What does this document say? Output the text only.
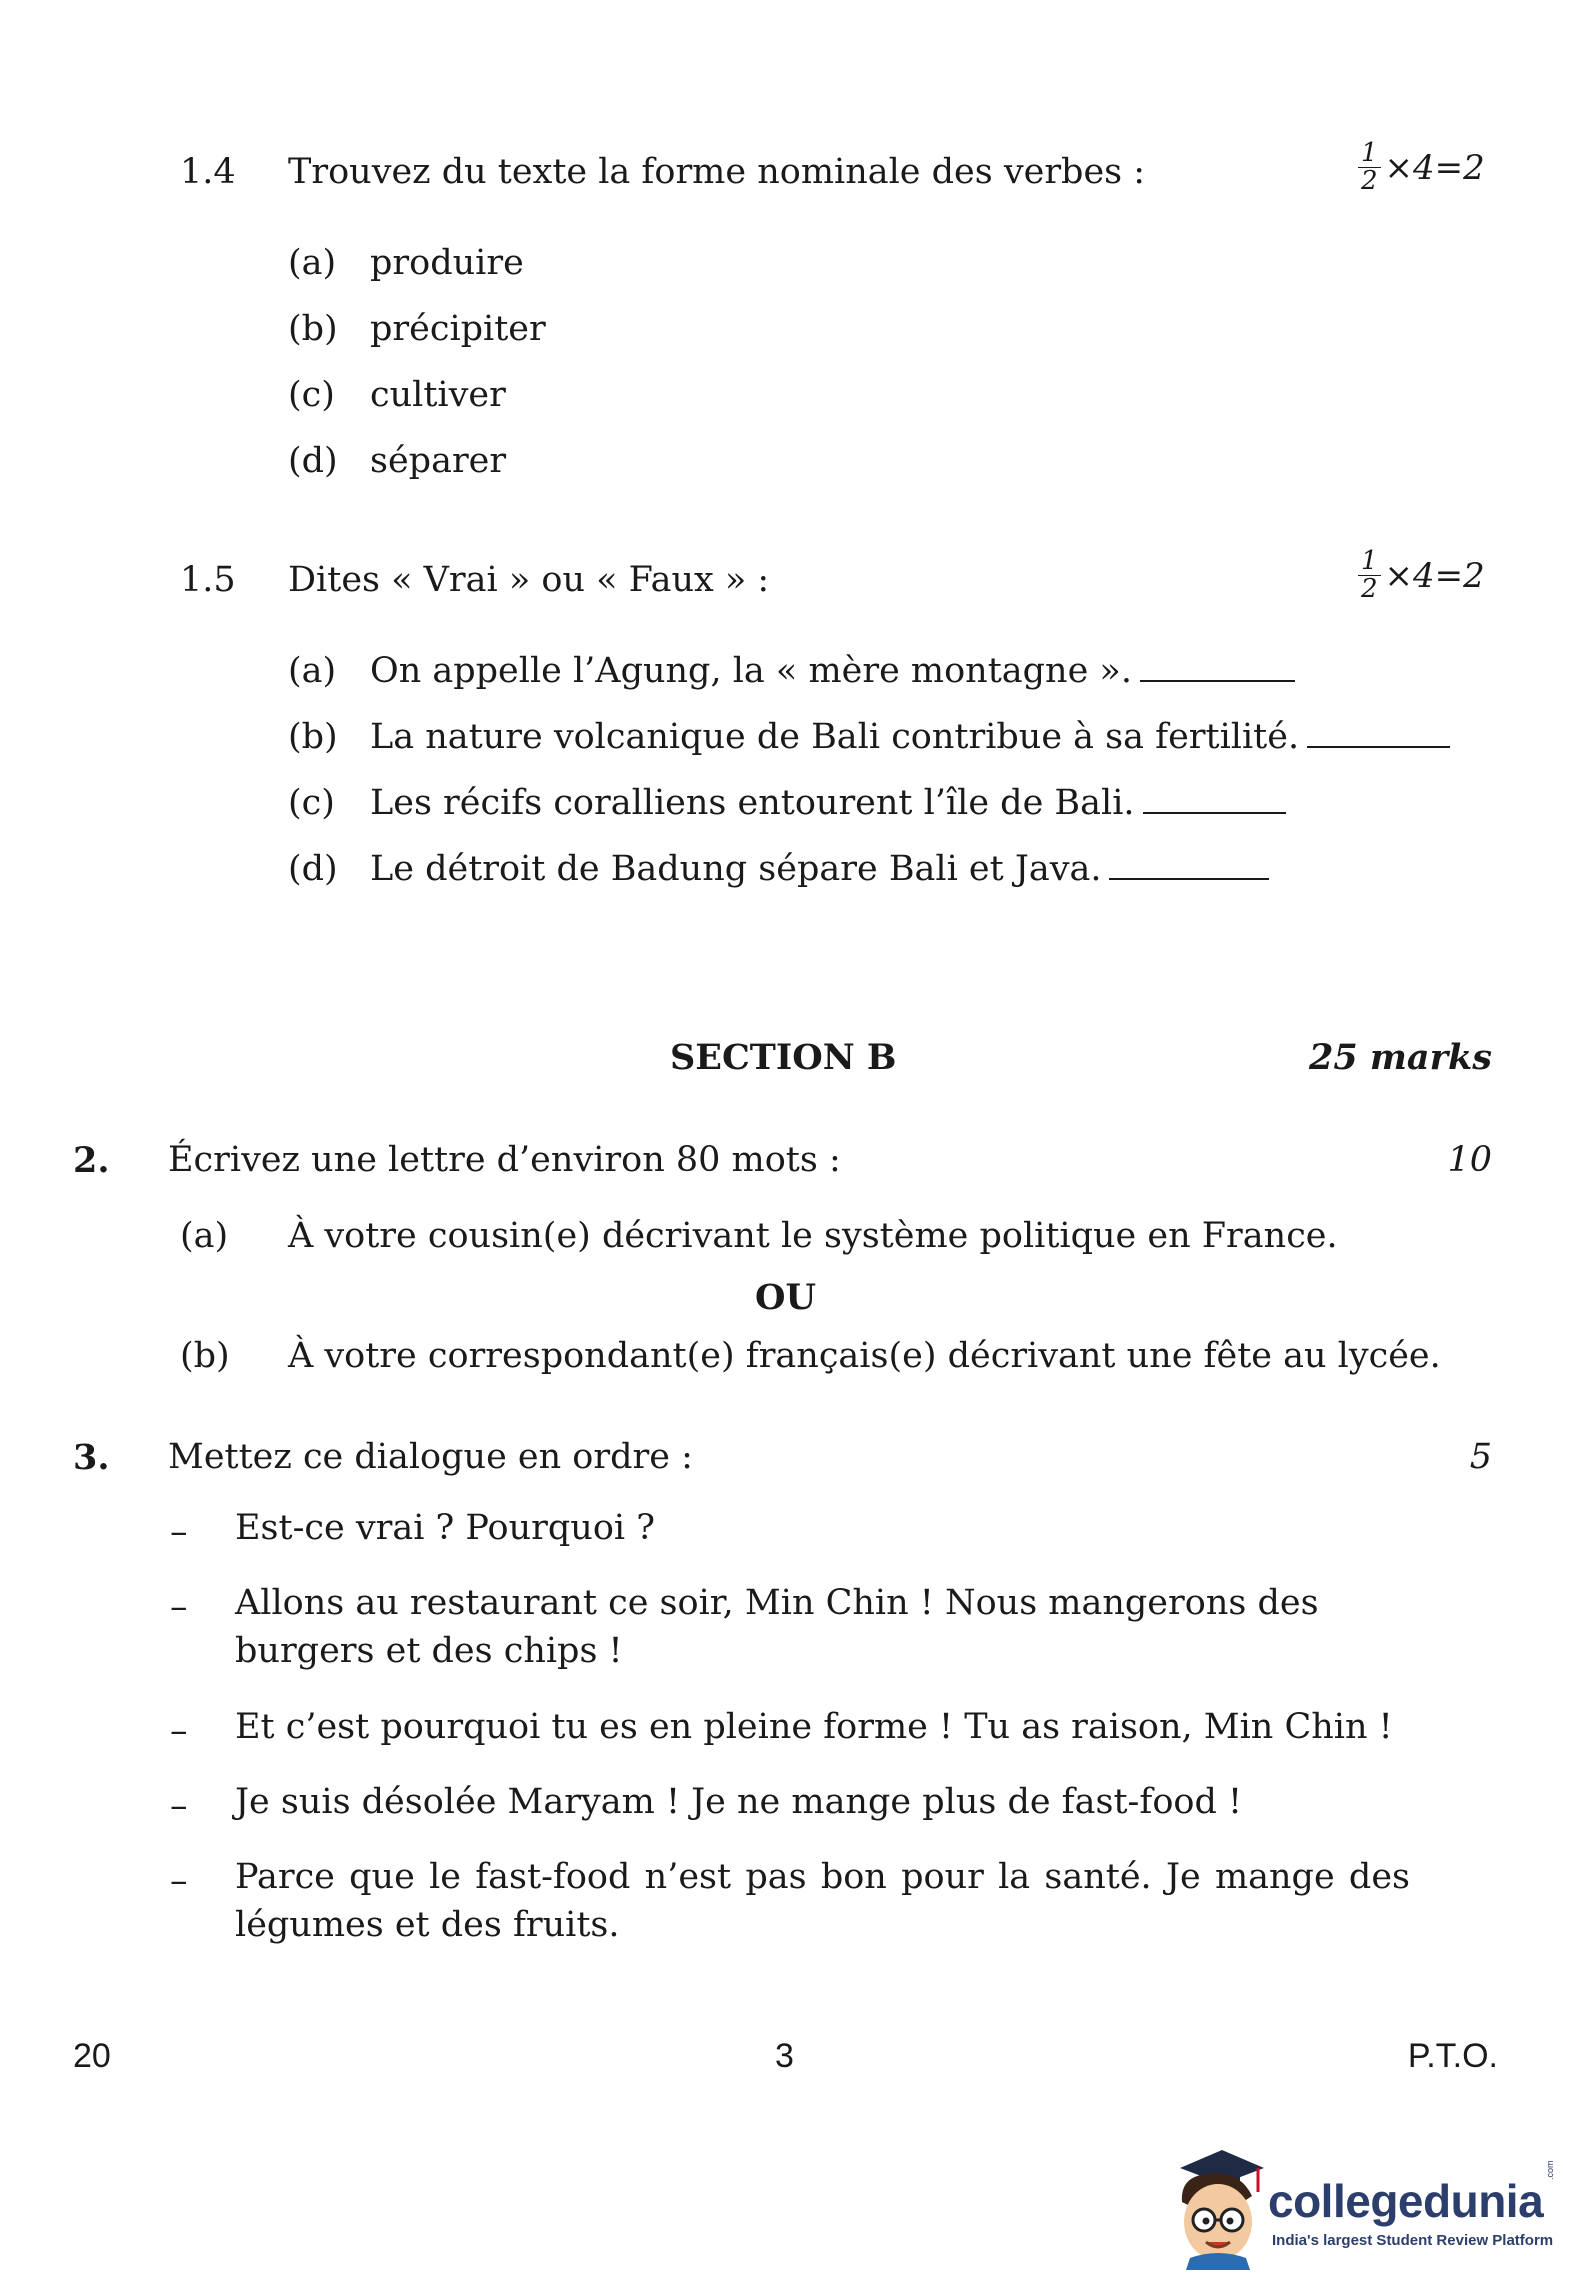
1.4 Trouvez du texte la forme nominale des verbes :	$\frac{1}{2} \times 4=2$
(a) produire
(b) précipiter
(c) cultiver
(d) séparer
1.5 Dites « Vrai » ou « Faux » :	$\frac{1}{2} \times 4=2$
(a) On appelle l’Agung, la « mère montagne ».
(b) La nature volcanique de Bali contribue à sa fertilité.
(c) Les récifs coralliens entourent l’île de Bali.
(d) Le détroit de Badung sépare Bali et Java.
SECTION B	25 marks
2. Écrivez une lettre d’environ 80 mots :	10
(a) À votre cousin(e) décrivant le système politique en France.
OU
(b) À votre correspondant(e) français(e) décrivant une fête au lycée.
3. Mettez ce dialogue en ordre :	5
– Est-ce vrai ? Pourquoi ?
– Allons au restaurant ce soir, Min Chin ! Nous mangerons des burgers et des chips !
– Et c’est pourquoi tu es en pleine forme ! Tu as raison, Min Chin !
– Je suis désolée Maryam ! Je ne mange plus de fast-food !
– Parce que le fast-food n’est pas bon pour la santé. Je mange des légumes et des fruits.
20	3	P.T.O.
collegedunia
.com
India's largest Student Review Platform
